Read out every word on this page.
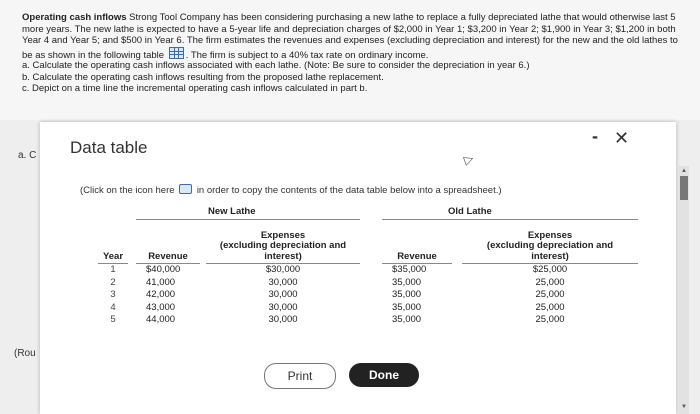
Operating cash inflows Strong Tool Company has been considering purchasing a new lathe to replace a fully depreciated lathe that would otherwise last 5 more years. The new lathe is expected to have a 5-year life and depreciation charges of $2,000 in Year 1; $3,200 in Year 2; $1,900 in Year 3; $1,200 in both Year 4 and Year 5; and $500 in Year 6. The firm estimates the revenues and expenses (excluding depreciation and interest) for the new and the old lathes to be as shown in the following table . The firm is subject to a 40% tax rate on ordinary income.

a. Calculate the operating cash inflows associated with each lathe. (Note: Be sure to consider the depreciation in year 6.)

b. Calculate the operating cash inflows resulting from the proposed lathe replacement.

c. Depict on a time line the incremental operating cash inflows calculated in part b.

a. C
(Rou
▲
▼
Data table
- ✕
▷
(Click on the icon here in order to copy the contents of the data table below into a spreadsheet.)
New Lathe	Old Lathe
Year
1
2
3
4
5
Revenue
$40,000
41,000
42,000
43,000
44,000
Expenses
(excluding depreciation and
interest)
$30,000
30,000
30,000
30,000
30,000
Revenue
$35,000
35,000
35,000
35,000
35,000
Expenses
(excluding depreciation and
interest)
$25,000
25,000
25,000
25,000
25,000
Print	Done
